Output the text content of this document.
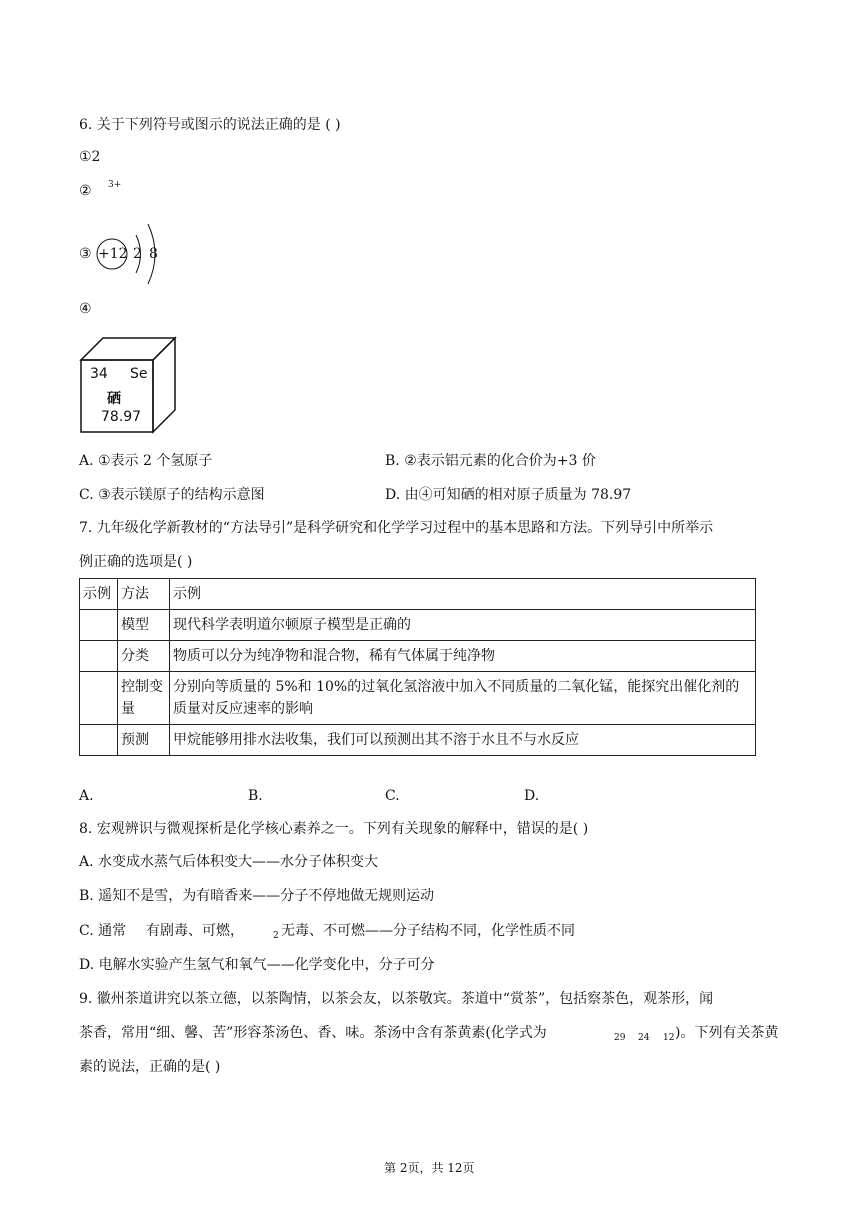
6. 关于下列符号或图示的说法正确的是 ( )
①2
② 3+
③ +12 2 8
④
34 Se
硒
78.97
A. ①表示 2 个氢原子	B. ②表示铝元素的化合价为+3 价
C. ③表示镁原子的结构示意图	D. 由④可知硒的相对原子质量为 78.97
7. 九年级化学新教材的“方法导引”是科学研究和化学学习过程中的基本思路和方法。下列导引中所举示
例正确的选项是( )
示例	方法	示例
	模型	现代科学表明道尔顿原子模型是正确的
	分类	物质可以分为纯净物和混合物，稀有气体属于纯净物
	控制变量	分别向等质量的 5%和 10%的过氧化氢溶液中加入不同质量的二氧化锰，能探究出催化剂的质量对反应速率的影响
	预测	甲烷能够用排水法收集，我们可以预测出其不溶于水且不与水反应
A.	B.	C.	D.
8. 宏观辨识与微观探析是化学核心素养之一。下列有关现象的解释中，错误的是( )
A. 水变成水蒸气后体积变大——水分子体积变大
B. 遥知不是雪，为有暗香来——分子不停地做无规则运动
C. 通常 有剧毒、可燃，	2 无毒、不可燃——分子结构不同，化学性质不同
D. 电解水实验产生氢气和氧气——化学变化中，分子可分
9. 徽州茶道讲究以茶立德，以茶陶情，以茶会友，以茶敬宾。茶道中“赏茶”，包括察茶色，观茶形，闻
茶香，常用“细、馨、苦”形容茶汤色、香、味。茶汤中含有茶黄素(化学式为	29 24 12 )。下列有关茶黄
素的说法，正确的是( )
第 2页，共 12页
